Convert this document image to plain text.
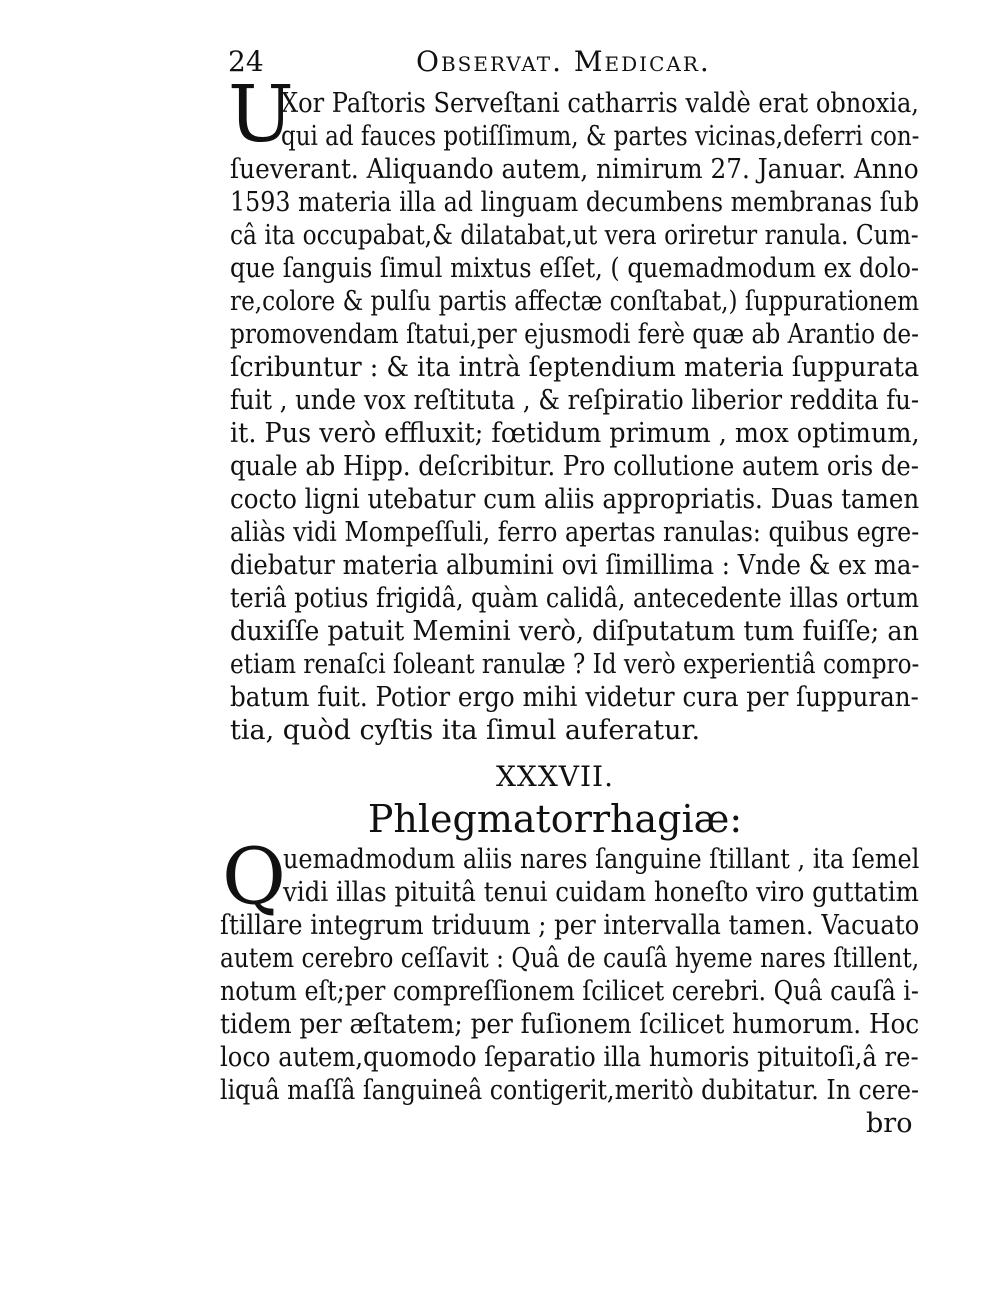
24	Observat. Medicar.
U
Xor Paſtoris Serveſtani catharris valdè erat obnoxia,
qui ad fauces potiſſimum, & partes vicinas,deferri con-
ſueverant. Aliquando autem, nimirum 27. Januar. Anno
1593 materia illa ad linguam decumbens membranas ſub
câ ita occupabat,& dilatabat,ut vera oriretur ranula. Cum-
que ſanguis ſimul mixtus eſſet, ( quemadmodum ex dolo-
re,colore & pulſu partis affectæ conſtabat,) ſuppurationem
promovendam ſtatui,per ejusmodi ferè quæ ab Arantio de-
ſcribuntur : & ita intrà ſeptendium materia ſuppurata
fuit , unde vox reſtituta , & reſpiratio liberior reddita fu-
it. Pus verò effluxit; fœtidum primum , mox optimum,
quale ab Hipp. deſcribitur. Pro collutione autem oris de-
cocto ligni utebatur cum aliis appropriatis. Duas tamen
aliàs vidi Mompeſſuli, ferro apertas ranulas: quibus egre-
diebatur materia albumini ovi ſimillima : Vnde & ex ma-
teriâ potius frigidâ, quàm calidâ, antecedente illas ortum
duxiſſe patuit Memini verò, diſputatum tum fuiſſe; an
etiam renaſci ſoleant ranulæ ? Id verò experientiâ compro-
batum fuit. Potior ergo mihi videtur cura per ſuppuran-
tia, quòd cyſtis ita ſimul auferatur.
XXXVII.
Phlegmatorrhagiæ:
Q
uemadmodum aliis nares ſanguine ſtillant , ita ſemel
vidi illas pituitâ tenui cuidam honeſto viro guttatim
ſtillare integrum triduum ; per intervalla tamen. Vacuato
autem cerebro ceſſavit : Quâ de cauſâ hyeme nares ſtillent,
notum eſt;per compreſſionem ſcilicet cerebri. Quâ cauſâ i-
tidem per æſtatem; per fuſionem ſcilicet humorum. Hoc
loco autem,quomodo ſeparatio illa humoris pituitoſi,â re-
liquâ maſſâ ſanguineâ contigerit,meritò dubitatur. In cere-
bro
